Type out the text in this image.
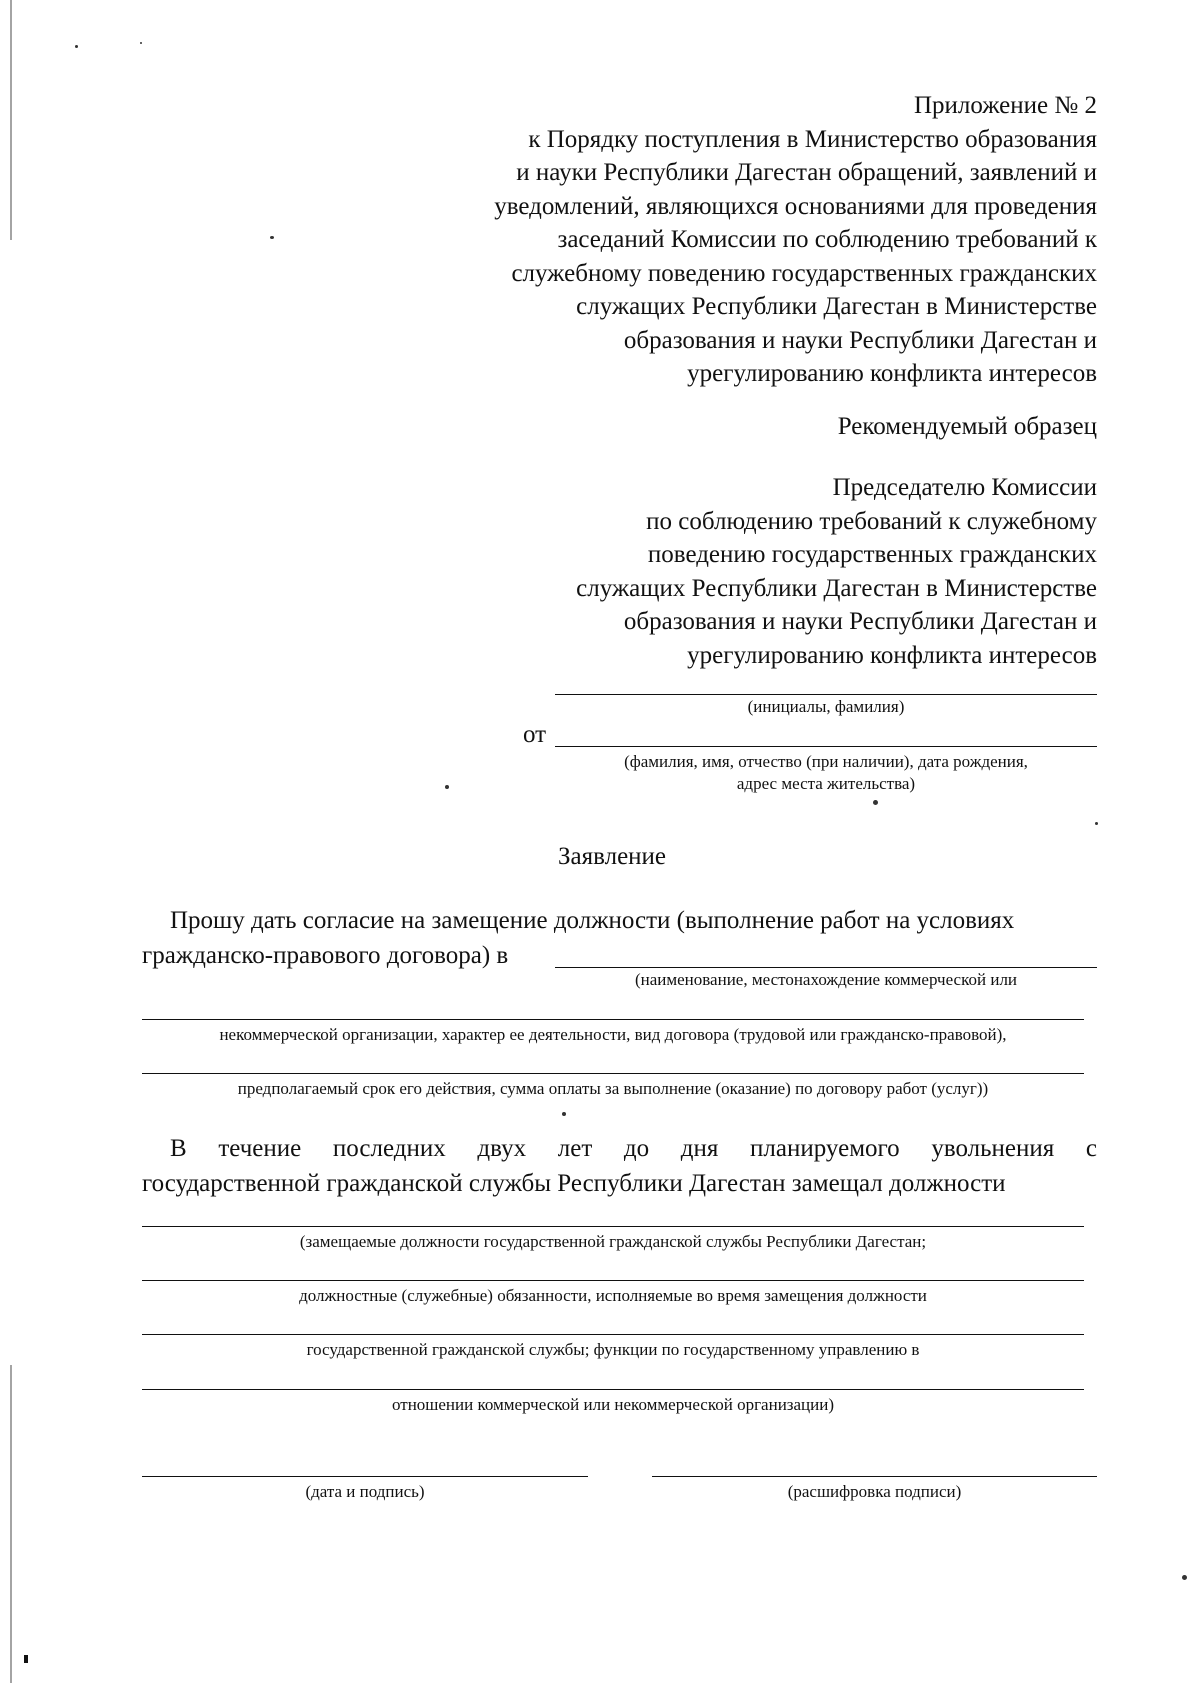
Приложение № 2
к Порядку поступления в Министерство образования
и науки Республики Дагестан обращений, заявлений и
уведомлений, являющихся основаниями для проведения
заседаний Комиссии по соблюдению требований к
служебному поведению государственных гражданских
служащих Республики Дагестан в Министерстве
образования и науки Республики Дагестан и
урегулированию конфликта интересов
Рекомендуемый образец
Председателю Комиссии
по соблюдению требований к служебному
поведению государственных гражданских
служащих Республики Дагестан в Министерстве
образования и науки Республики Дагестан и
урегулированию конфликта интересов
(инициалы, фамилия)
от
(фамилия, имя, отчество (при наличии), дата рождения,
адрес места жительства)
Заявление
Прошу дать согласие на замещение должности (выполнение работ на условиях
гражданско-правового договора) в
(наименование, местонахождение коммерческой или
некоммерческой организации, характер ее деятельности, вид договора (трудовой или гражданско-правовой),
предполагаемый срок его действия, сумма оплаты за выполнение (оказание) по договору работ (услуг))
В течение последних двух лет до дня планируемого увольнения с
государственной гражданской службы Республики Дагестан замещал должности
(замещаемые должности государственной гражданской службы Республики Дагестан;
должностные (служебные) обязанности, исполняемые во время замещения должности
государственной гражданской службы; функции по государственному управлению в
отношении коммерческой или некоммерческой организации)
(дата и подпись)	(расшифровка подписи)
